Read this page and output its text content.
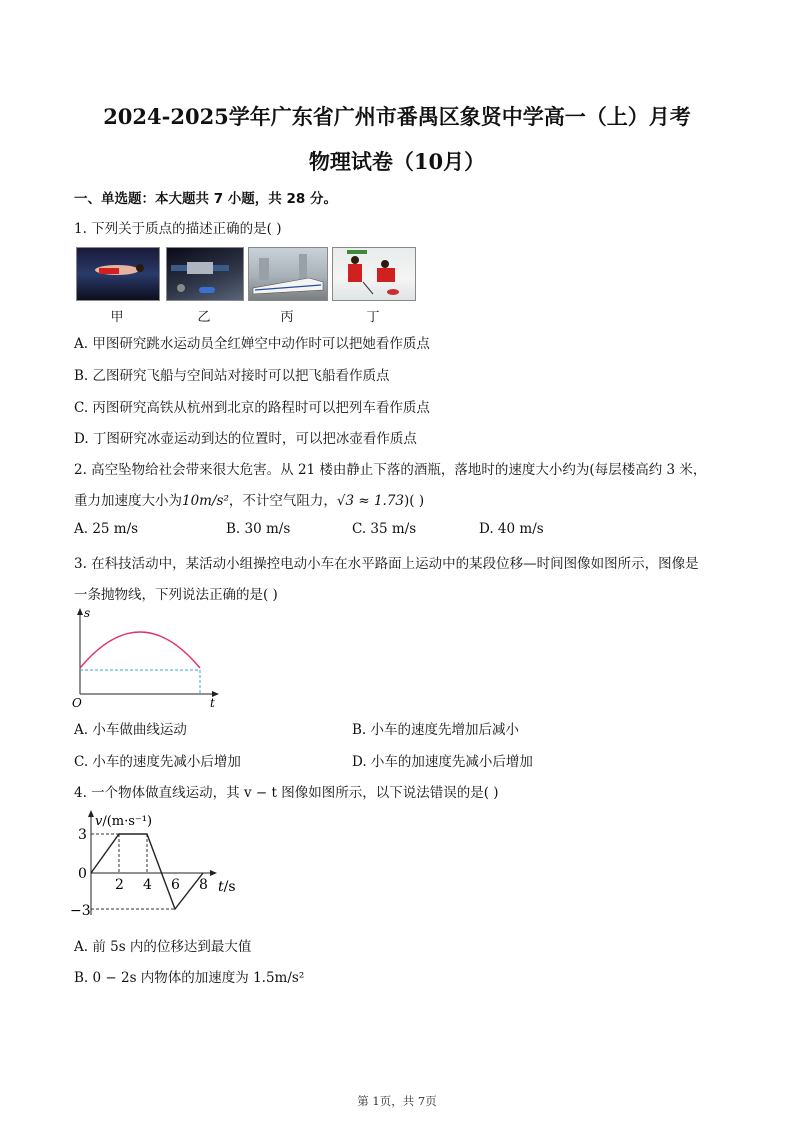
2024-2025学年广东省广州市番禺区象贤中学高一（上）月考
物理试卷（10月）
一、单选题：本大题共 7 小题，共 28 分。
1. 下列关于质点的描述正确的是( )
甲	乙	丙	丁
A. 甲图研究跳水运动员全红婵空中动作时可以把她看作质点
B. 乙图研究飞船与空间站对接时可以把飞船看作质点
C. 丙图研究高铁从杭州到北京的路程时可以把列车看作质点
D. 丁图研究冰壶运动到达的位置时，可以把冰壶看作质点
2. 高空坠物给社会带来很大危害。从 21 楼由静止下落的酒瓶，落地时的速度大小约为(每层楼高约 3 米，
重力加速度大小为10m/s²，不计空气阻力，√3 ≈ 1.73)( )
A. 25 m/s	B. 30 m/s	C. 35 m/s	D. 40 m/s
3. 在科技活动中，某活动小组操控电动小车在水平路面上运动中的某段位移—时间图像如图所示，图像是
一条抛物线，下列说法正确的是( )
s
t
O
A. 小车做曲线运动	B. 小车的速度先增加后减小
C. 小车的速度先减小后增加	D. 小车的加速度先减小后增加
4. 一个物体做直线运动，其 v − t 图像如图所示，以下说法错误的是( )
v/(m·s⁻¹)
3
0
−3
2 4 6 8 t/s
A. 前 5s 内的位移达到最大值
B. 0 − 2s 内物体的加速度为 1.5m/s²
第 1页，共 7页
